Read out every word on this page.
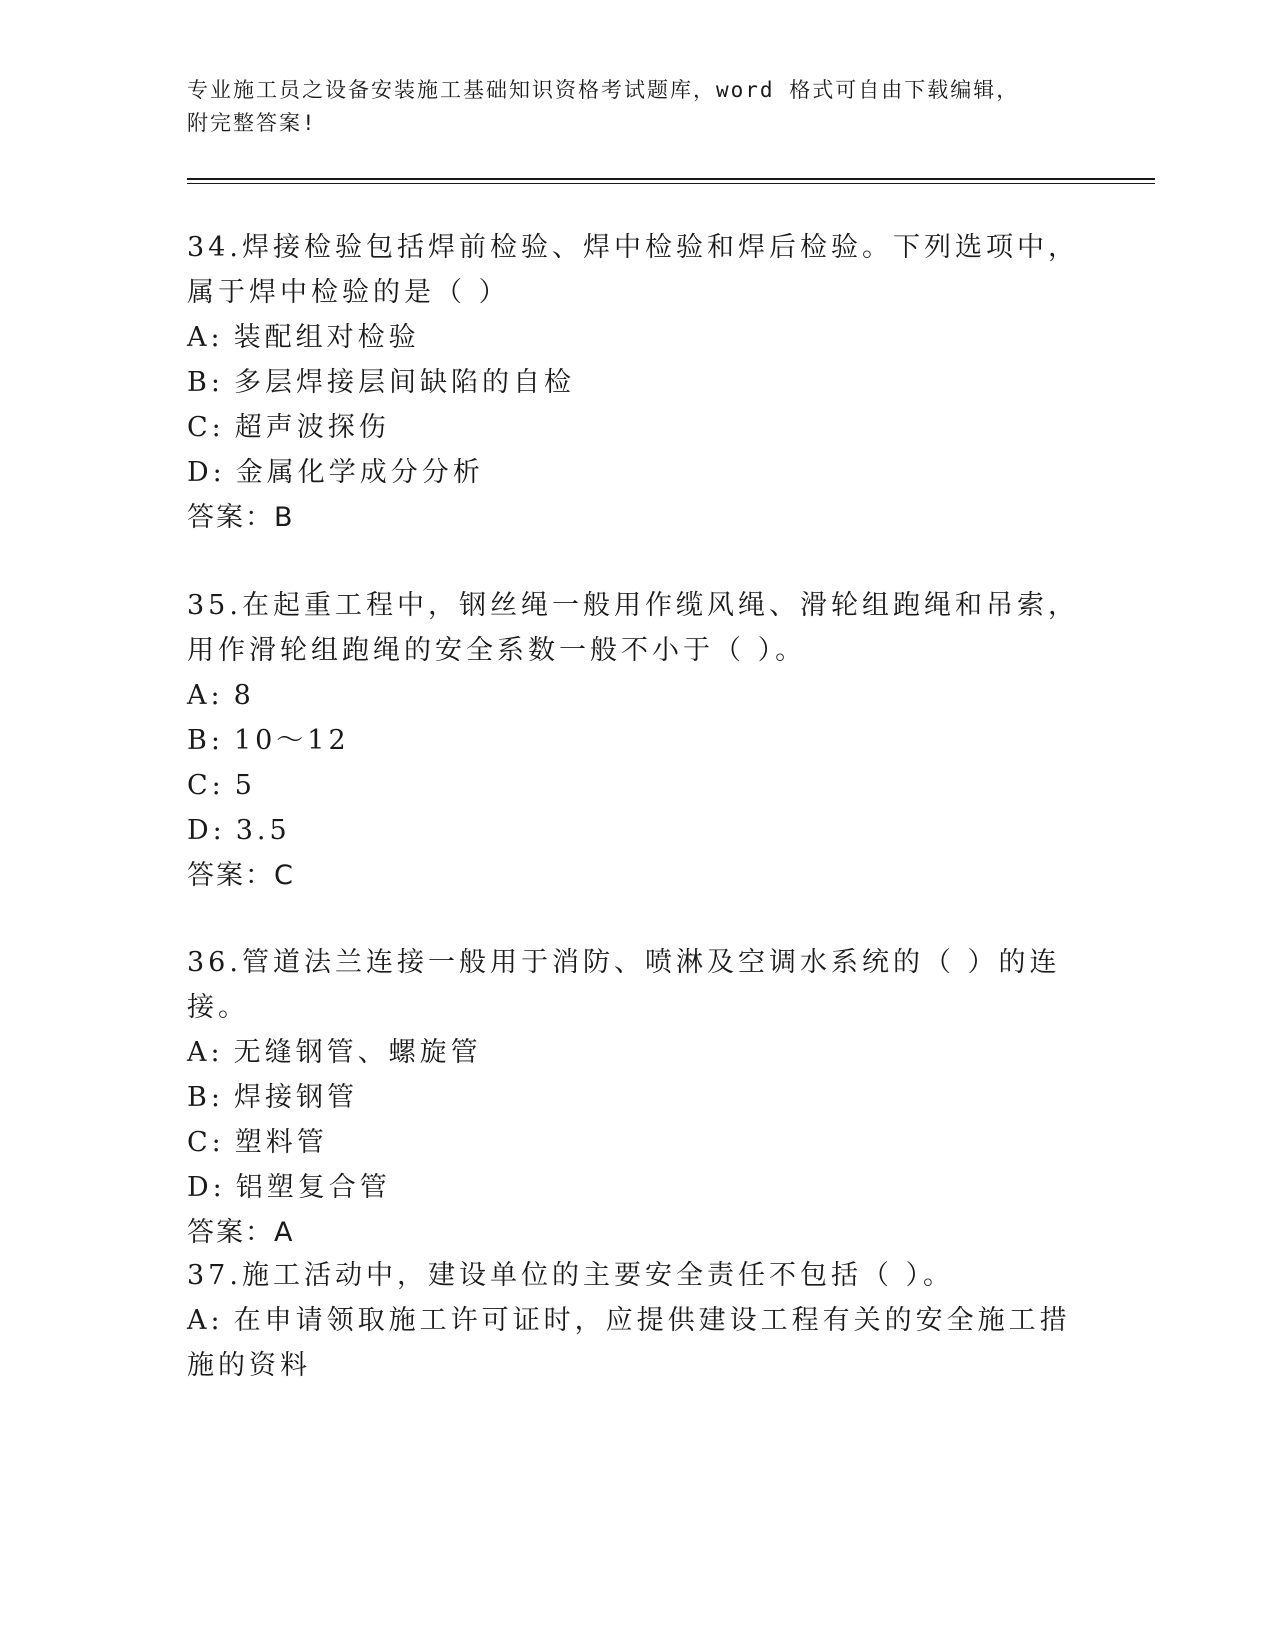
专业施工员之设备安装施工基础知识资格考试题库，word 格式可自由下载编辑，
附完整答案!

34.焊接检验包括焊前检验、焊中检验和焊后检验。下列选项中，属于焊中检验的是（ ）

A: 装配组对检验

B: 多层焊接层间缺陷的自检

C: 超声波探伤

D: 金属化学成分分析

答案：B

35.在起重工程中，钢丝绳一般用作缆风绳、滑轮组跑绳和吊索，用作滑轮组跑绳的安全系数一般不小于（ ）。

A: 8

B: 10～12

C: 5

D: 3.5

答案：C

36.管道法兰连接一般用于消防、喷淋及空调水系统的（ ）的连接。

A: 无缝钢管、螺旋管

B: 焊接钢管

C: 塑料管

D: 铝塑复合管

答案：A

37.施工活动中，建设单位的主要安全责任不包括（ ）。

A: 在申请领取施工许可证时，应提供建设工程有关的安全施工措施的资料
